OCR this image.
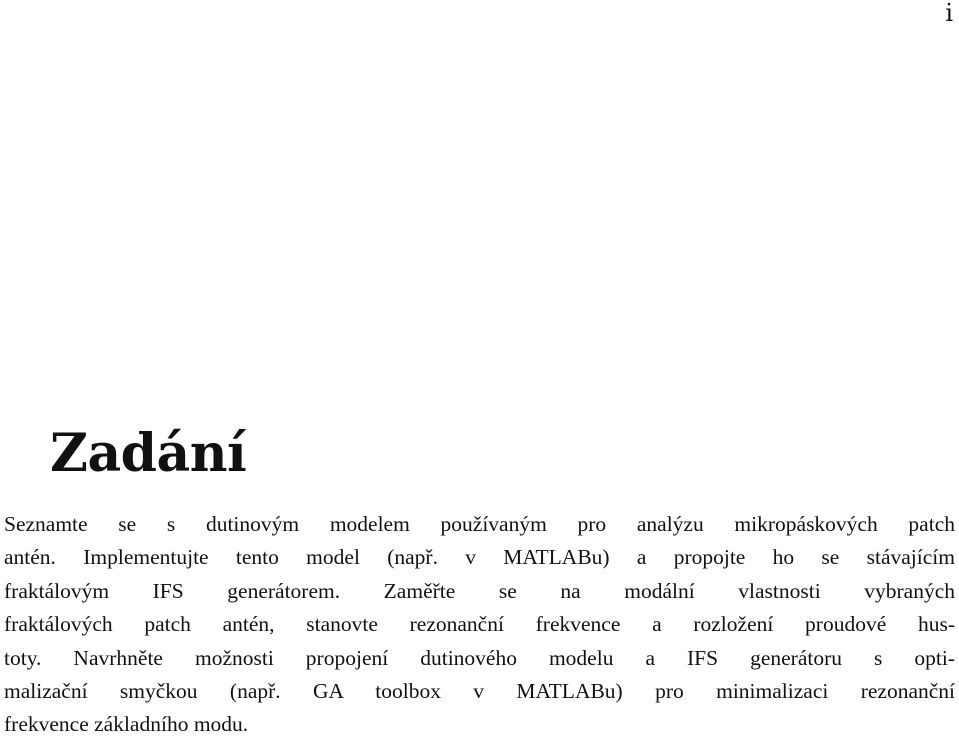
i
Zadání
Seznamte se s dutinovým modelem používaným pro analýzu mikropáskových patch
antén. Implementujte tento model (např. v MATLABu) a propojte ho se stávajícím
fraktálovým IFS generátorem. Zaměřte se na modální vlastnosti vybraných
fraktálových patch antén, stanovte rezonanční frekvence a rozložení proudové hus-
toty. Navrhněte možnosti propojení dutinového modelu a IFS generátoru s opti-
malizační smyčkou (např. GA toolbox v MATLABu) pro minimalizaci rezonanční
frekvence základního modu.
